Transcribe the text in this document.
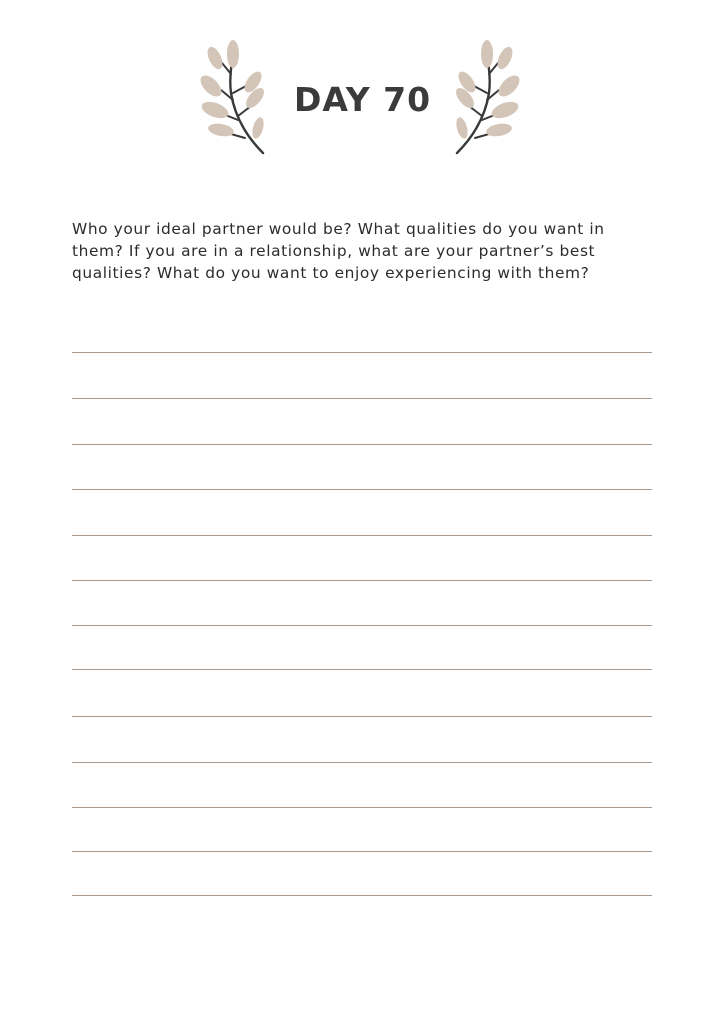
DAY 70

Who your ideal partner would be? What qualities do you want in them? If you are in a relationship, what are your partner’s best qualities? What do you want to enjoy experiencing with them?
